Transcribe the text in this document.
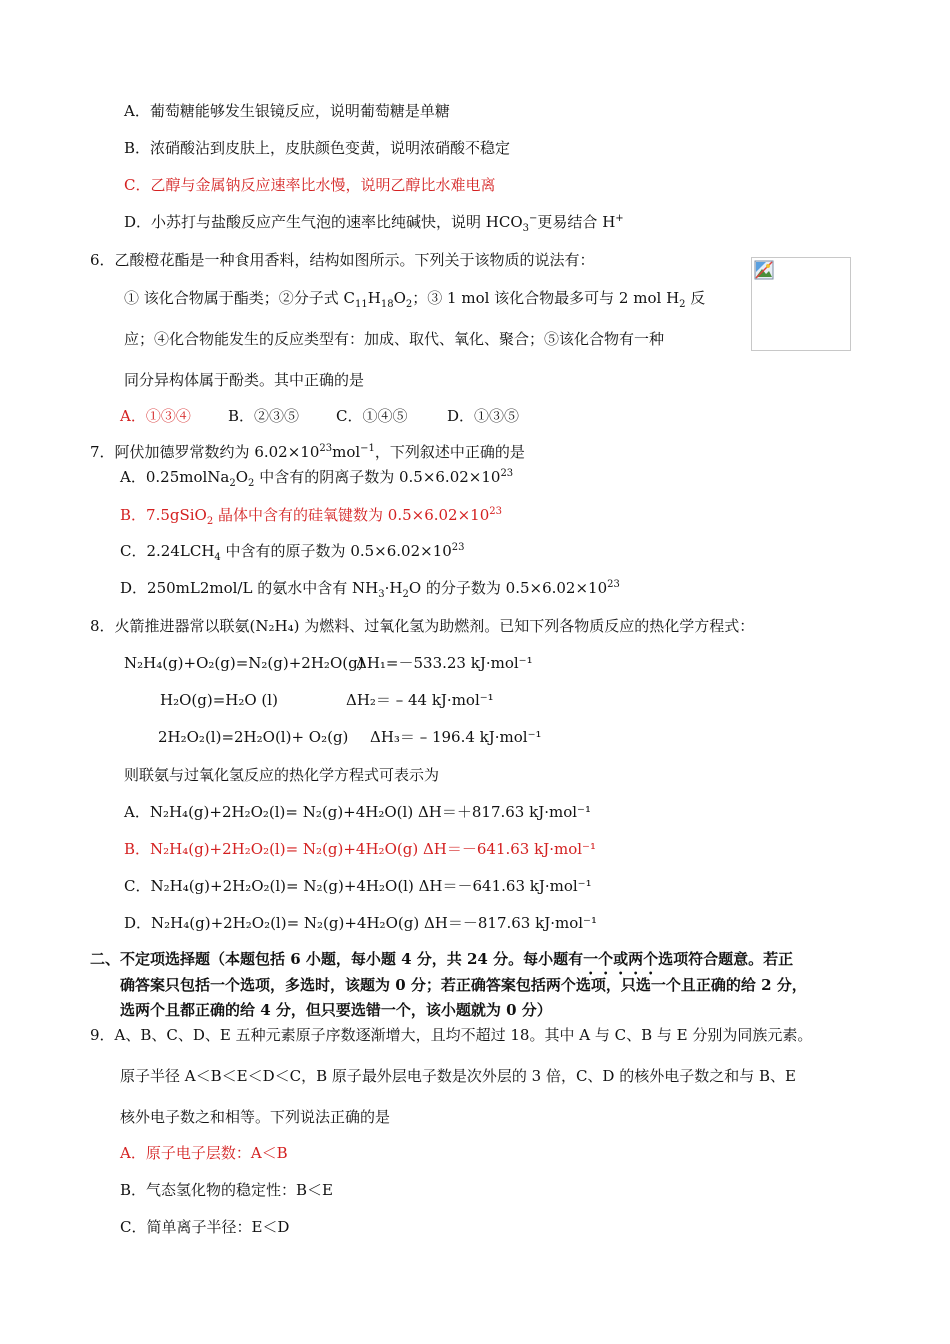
A．葡萄糖能够发生银镜反应，说明葡萄糖是单糖
B．浓硝酸沾到皮肤上，皮肤颜色变黄，说明浓硝酸不稳定
C．乙醇与金属钠反应速率比水慢，说明乙醇比水难电离
D．小苏打与盐酸反应产生气泡的速率比纯碱快，说明 $HCO_3^-$更易结合 H+
6．乙酸橙花酯是一种食用香料，结构如图所示。下列关于该物质的说法有：
① 该化合物属于酯类；②分子式 $C_{11}H_{18}O_2$；③ 1 mol 该化合物最多可与 2 mol $H_2$ 反
应；④化合物能发生的反应类型有：加成、取代、氧化、聚合；⑤该化合物有一种
同分异构体属于酚类。其中正确的是
A．①③④ B．②③⑤ C．①④⑤	D．①③⑤
7．阿伏加德罗常数约为 $6.02\times 10^{23}mol^{-1}$，下列叙述中正确的是
A．$0.25molNa_2O_2$ 中含有的阴离子数为 $0.5\times 6.02\times 10^{23}$
B．7.5gSiO$_2$ 晶体中含有的硅氧键数为 $0.5\times 6.02\times 10^{23}$
C．$2.24LCH_4$ 中含有的原子数为 $0.5\times 6.02\times 10^{23}$
D．250mL2mol/L 的氨水中含有 $NH_3\cdot H_2O$ 的分子数为 $0.5\times 6.02\times 10^{23}$
8．火箭推进器常以联氨(N₂H₄) 为燃料、过氧化氢为助燃剂。已知下列各物质反应的热化学方程式：
N₂H₄(g)+O₂(g)=N₂(g)+2H₂O(g)
ΔH₁=－533.23 kJ·mol⁻¹
H₂O(g)=H₂O (l)	ΔH₂＝ – 44 kJ·mol⁻¹
2H₂O₂(l)=2H₂O(l)+ O₂(g) ΔH₃＝ – 196.4 kJ·mol⁻¹
则联氨与过氧化氢反应的热化学方程式可表示为
A．N₂H₄(g)+2H₂O₂(l)= N₂(g)+4H₂O(l) ΔH＝＋817.63 kJ·mol⁻¹
B．N₂H₄(g)+2H₂O₂(l)= N₂(g)+4H₂O(g) ΔH＝－641.63 kJ·mol⁻¹
C．N₂H₄(g)+2H₂O₂(l)= N₂(g)+4H₂O(l) ΔH＝－641.63 kJ·mol⁻¹
D．N₂H₄(g)+2H₂O₂(l)= N₂(g)+4H₂O(g) ΔH＝－817.63 kJ·mol⁻¹
二、不定项选择题（本题包括 6 小题，每小题 4 分，共 24 分。每小题有一个或两个选项符合题意。若正
确答案只包括一个选项，多选时，该题为 0 分；若正确答案包括两个选项，只选一个且正确的给 2 分，
选两个且都正确的给 4 分，但只要选错一个，该小题就为 0 分）
9．A、B、C、D、E 五种元素原子序数逐渐增大，且均不超过 18。其中 A 与 C、B 与 E 分别为同族元素。
原子半径 A＜B＜E＜D＜C，B 原子最外层电子数是次外层的 3 倍，C、D 的核外电子数之和与 B、E
核外电子数之和相等。下列说法正确的是
A．原子电子层数：A＜B
B．气态氢化物的稳定性：B＜E
C．简单离子半径：E＜D
